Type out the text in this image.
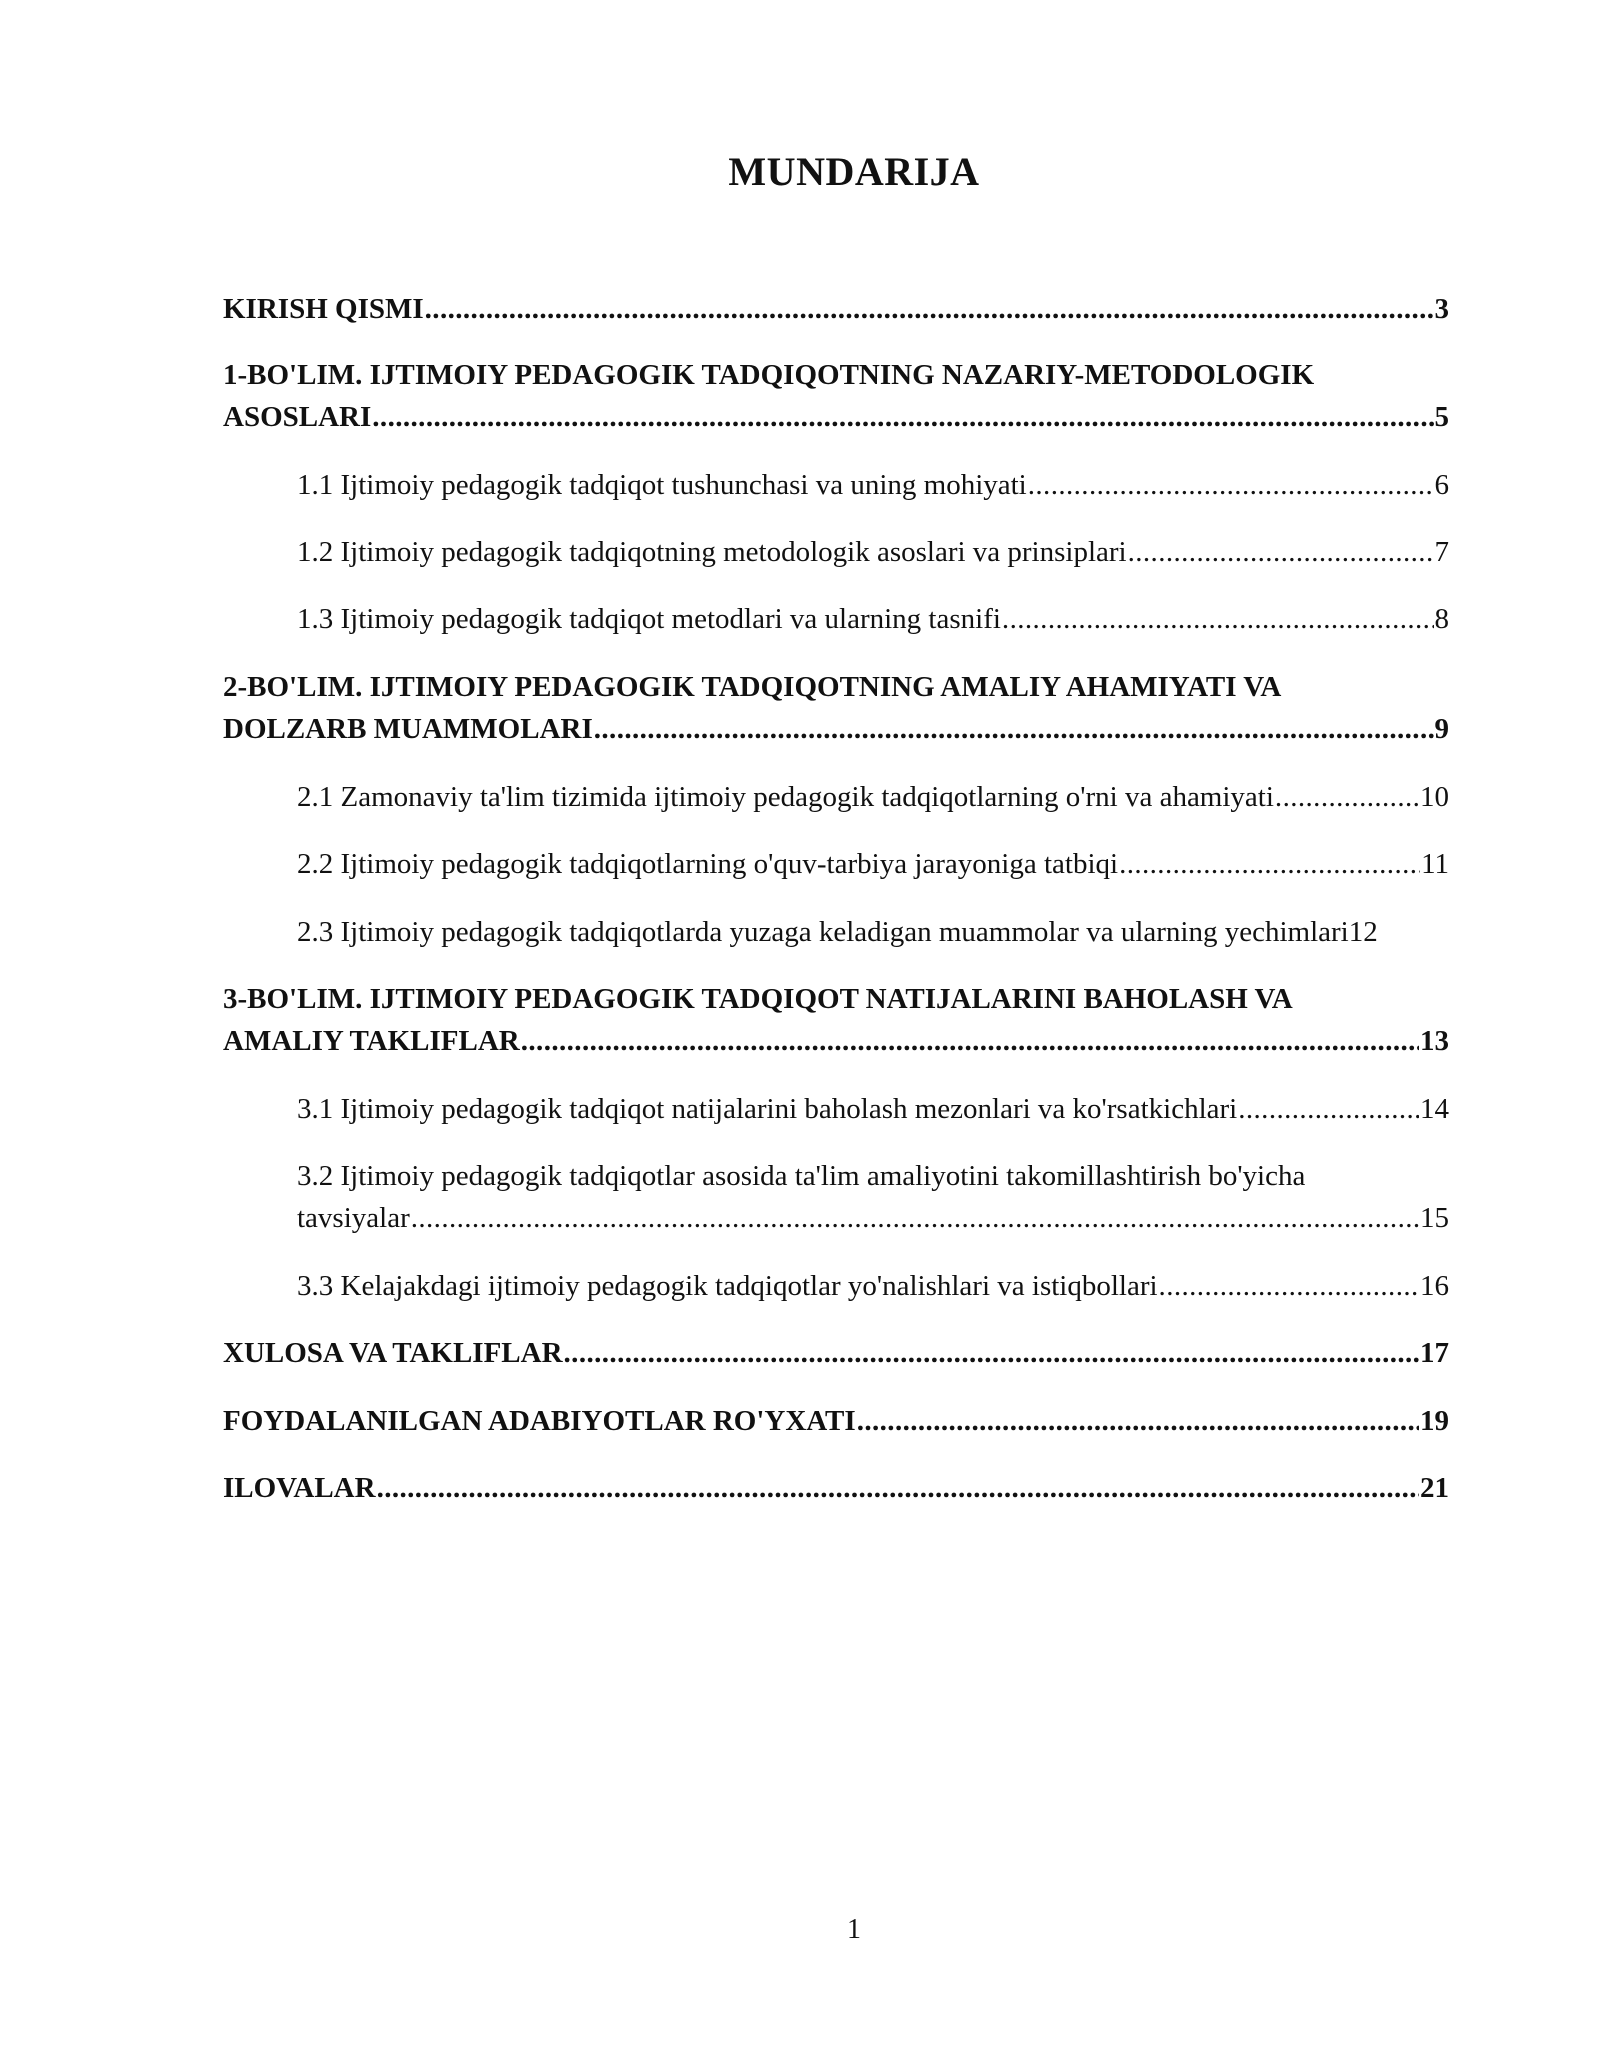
MUNDARIJA
KIRISH QISMI .....	3
1-BO'LIM. IJTIMOIY PEDAGOGIK TADQIQOTNING NAZARIY-METODOLOGIK
ASOSLARI .....	5
1.1 Ijtimoiy pedagogik tadqiqot tushunchasi va uning mohiyati .....	6
1.2 Ijtimoiy pedagogik tadqiqotning metodologik asoslari va prinsiplari .....	7
1.3 Ijtimoiy pedagogik tadqiqot metodlari va ularning tasnifi .....	8
2-BO'LIM. IJTIMOIY PEDAGOGIK TADQIQOTNING AMALIY AHAMIYATI VA
DOLZARB MUAMMOLARI .....	9
2.1 Zamonaviy ta'lim tizimida ijtimoiy pedagogik tadqiqotlarning o'rni va ahamiyati .....	10
2.2 Ijtimoiy pedagogik tadqiqotlarning o'quv-tarbiya jarayoniga tatbiqi .....	11
2.3 Ijtimoiy pedagogik tadqiqotlarda yuzaga keladigan muammolar va ularning yechimlari 12
3-BO'LIM. IJTIMOIY PEDAGOGIK TADQIQOT NATIJALARINI BAHOLASH VA
AMALIY TAKLIFLAR .....	13
3.1 Ijtimoiy pedagogik tadqiqot natijalarini baholash mezonlari va ko'rsatkichlari .....	14
3.2 Ijtimoiy pedagogik tadqiqotlar asosida ta'lim amaliyotini takomillashtirish bo'yicha
tavsiyalar .....	15
3.3 Kelajakdagi ijtimoiy pedagogik tadqiqotlar yo'nalishlari va istiqbollari .....	16
XULOSA VA TAKLIFLAR .....	17
FOYDALANILGAN ADABIYOTLAR RO'YXATI .....	19
ILOVALAR .....	21
1
